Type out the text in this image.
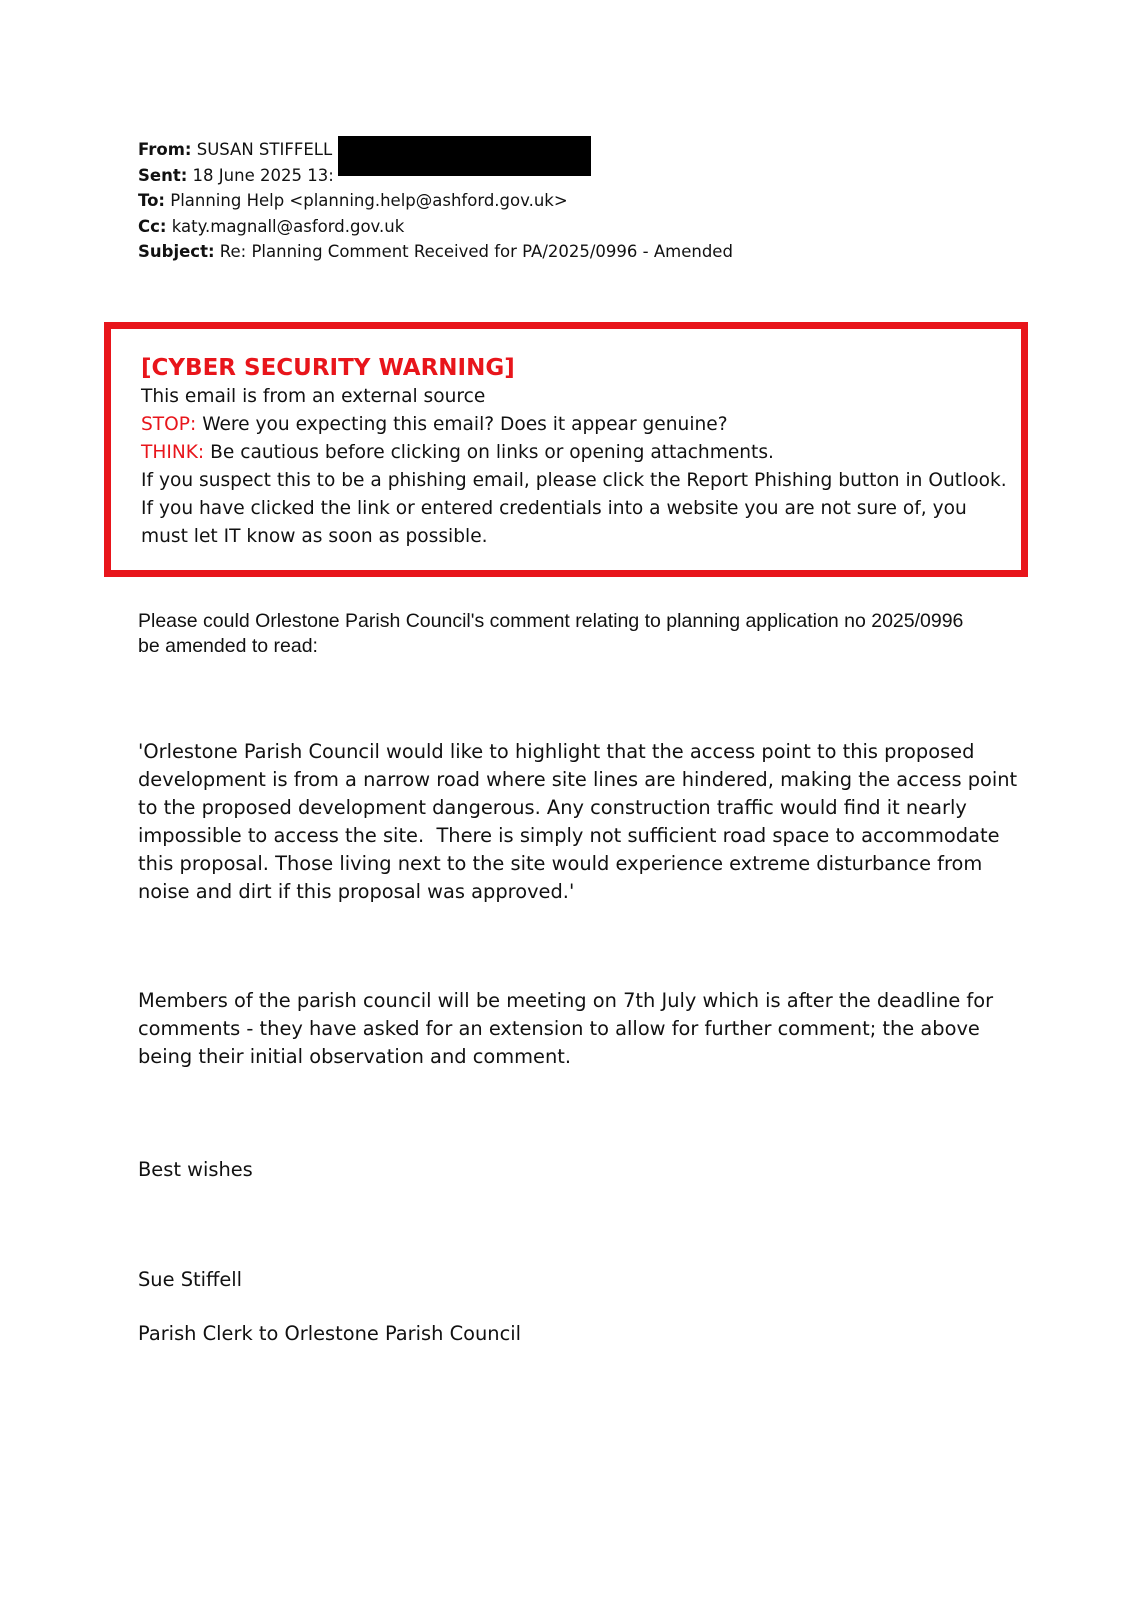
From: SUSAN STIFFELL
Sent: 18 June 2025 13:
To: Planning Help <planning.help@ashford.gov.uk>
Cc: katy.magnall@asford.gov.uk
Subject: Re: Planning Comment Received for PA/2025/0996 - Amended
[CYBER SECURITY WARNING]
This email is from an external source
STOP: Were you expecting this email? Does it appear genuine?
THINK: Be cautious before clicking on links or opening attachments.
If you suspect this to be a phishing email, please click the Report Phishing button in Outlook.
If you have clicked the link or entered credentials into a website you are not sure of, you
must let IT know as soon as possible.
Please could Orlestone Parish Council's comment relating to planning application no 2025/0996 be amended to read:
'Orlestone Parish Council would like to highlight that the access point to this proposed development is from a narrow road where site lines are hindered, making the access point to the proposed development dangerous. Any construction traffic would find it nearly impossible to access the site.  There is simply not sufficient road space to accommodate this proposal. Those living next to the site would experience extreme disturbance from noise and dirt if this proposal was approved.'
Members of the parish council will be meeting on 7th July which is after the deadline for comments - they have asked for an extension to allow for further comment; the above being their initial observation and comment.
Best wishes
Sue Stiffell
Parish Clerk to Orlestone Parish Council
